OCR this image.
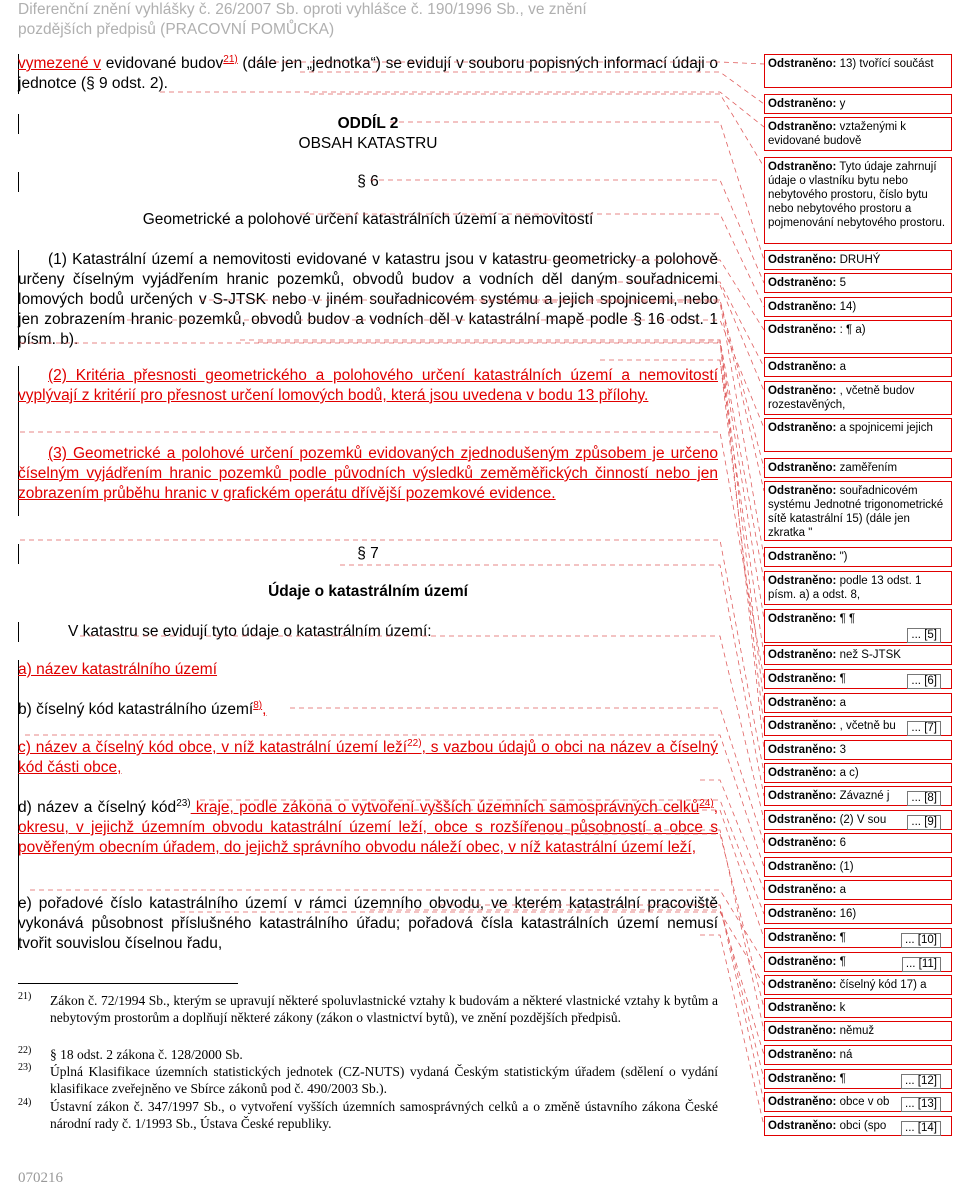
Diferenční znění vyhlášky č. 26/2007 Sb. oproti vyhlášce č. 190/1996 Sb., ve znění
pozdějších předpisů (PRACOVNÍ POMŮCKA)
vymezené v evidované budov$^{21)}$ (dále jen „jednotka“) se evidují v souboru popisných informací údaji o jednotce (§ 9 odst. 2).
ODDÍL 2
OBSAH KATASTRU
§ 6
Geometrické a polohové určení katastrálních území a nemovitostí
(1) Katastrální území a nemovitosti evidované v katastru jsou v katastru geometricky a polohově určeny číselným vyjádřením hranic pozemků, obvodů budov a vodních děl daným souřadnicemi lomových bodů určených v S-JTSK nebo v jiném souřadnicovém systému a jejich spojnicemi, nebo jen zobrazením hranic pozemků, obvodů budov a vodních děl v katastrální mapě podle § 16 odst. 1 písm. b).
(2) Kritéria přesnosti geometrického a polohového určení katastrálních území a nemovitostí vyplývají z kritérií pro přesnost určení lomových bodů, která jsou uvedena v bodu 13 přílohy.
(3) Geometrické a polohové určení pozemků evidovaných zjednodušeným způsobem je určeno číselným vyjádřením hranic pozemků podle původních výsledků zeměměřických činností nebo jen zobrazením průběhu hranic v grafickém operátu dřívější pozemkové evidence.
§ 7
Údaje o katastrálním území
V katastru se evidují tyto údaje o katastrálním území:
a) název katastrálního území
b) číselný kód katastrálního území$^{8)}$,
c) název a číselný kód obce, v níž katastrální území leží$^{22)}$, s vazbou údajů o obci na název a číselný kód části obce,
d) název a číselný kód$^{23)}$ kraje, podle zákona o vytvoření vyšších územních samosprávných celků$^{24)}$, okresu, v jejichž územním obvodu katastrální území leží, obce s rozšířenou působností a obce s pověřeným obecním úřadem, do jejichž správního obvodu náleží obec, v níž katastrální území leží,
e) pořadové číslo katastrálního území v rámci územního obvodu, ve kterém katastrální pracoviště vykonává působnost příslušného katastrálního úřadu; pořadová čísla katastrálních území nemusí tvořit souvislou číselnou řadu,
21) Zákon č. 72/1994 Sb., kterým se upravují některé spoluvlastnické vztahy k budovám a některé vlastnické vztahy k bytům a nebytovým prostorům a doplňují některé zákony (zákon o vlastnictví bytů), ve znění pozdějších předpisů.
22) § 18 odst. 2 zákona č. 128/2000 Sb.
23) Úplná Klasifikace územních statistických jednotek (CZ-NUTS) vydaná Českým statistickým úřadem (sdělení o vydání klasifikace zveřejněno ve Sbírce zákonů pod č. 490/2003 Sb.).
24) Ústavní zákon č. 347/1997 Sb., o vytvoření vyšších územních samosprávných celků a o změně ústavního zákona České národní rady č. 1/1993 Sb., Ústava České republiky.
070216
Odstraněno: 13) tvořící součást
Odstraněno: y
Odstraněno: vztaženými k evidované budově
Odstraněno: Tyto údaje zahrnují údaje o vlastníku bytu nebo nebytového prostoru, číslo bytu nebo nebytového prostoru a pojmenování nebytového prostoru.
Odstraněno: DRUHÝ
Odstraněno: 5
Odstraněno: 14)
Odstraněno: : ¶ a)
Odstraněno: a
Odstraněno: , včetně budov rozestavěných,
Odstraněno: a spojnicemi jejich
Odstraněno: zaměřením
Odstraněno: souřadnicovém systému Jednotné trigonometrické sítě katastrální 15) (dále jen zkratka "
Odstraněno: ")
Odstraněno: podle 13 odst. 1 písm. a) a odst. 8,
Odstraněno: ¶ ¶
... [5]
Odstraněno: než S-JTSK
Odstraněno: ¶	... [6]
Odstraněno: a
Odstraněno: , včetně bu	... [7]
Odstraněno: 3
Odstraněno: a c)
Odstraněno: Závazné j	... [8]
Odstraněno: (2) V sou	... [9]
Odstraněno: 6
Odstraněno: (1)
Odstraněno: a
Odstraněno: 16)
Odstraněno: ¶	... [10]
Odstraněno: ¶	... [11]
Odstraněno: číselný kód 17) a
Odstraněno: k
Odstraněno: němuž
Odstraněno: ná
Odstraněno: ¶	... [12]
Odstraněno: obce v ob	... [13]
Odstraněno: obci (spo	... [14]
